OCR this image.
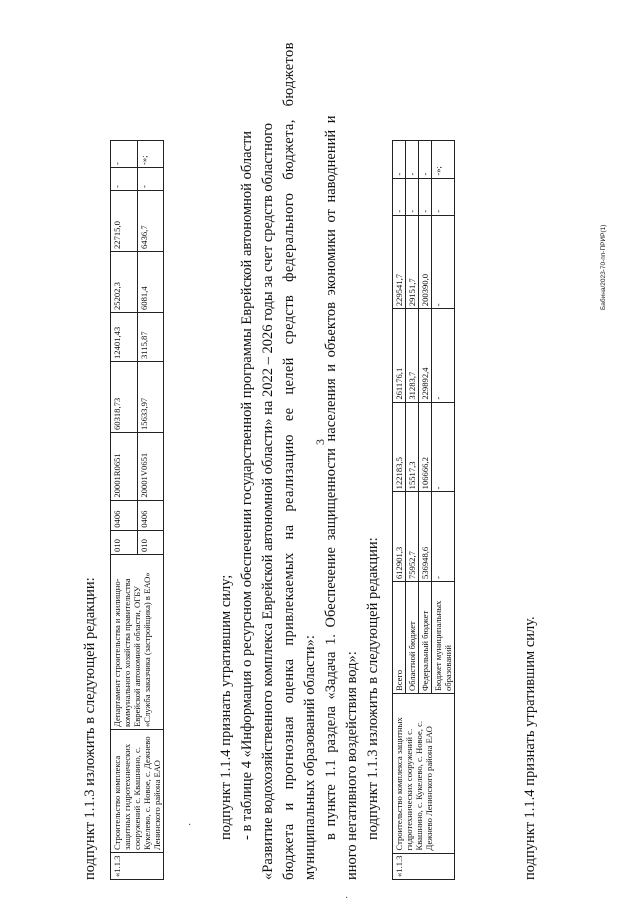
3
Бабина/2023-70-пп-ПРИР(1)
·
·
подпункт 1.1.3 изложить в следующей редакции:	«1.1.3	Строительство комплекса защитных гидротехнических сооружений с. Квашнино, с. Кукелево, с. Новое, с. Дежнево Ленинского района ЕАО	Департамент строительства и жилищно-коммунального хозяйства правительства Еврейской автономной области, ОГБУ «Служба заказчика (застройщика) в ЕАО»	010	0406	20001R0651	60318,73	12401,43	25202,3	22715,0	-	-
			010	0406	20001V0651	15633,97	3115,87	6081,4	6436,7	-	-»;
подпункт 1.1.4 признать утратившим силу; - в таблице 4 «Информация о ресурсном обеспечении государственной программы Еврейской автономной области «Развитие водохозяйственного комплекса Еврейской автономной области» на 2022 – 2026 годы за счет средств областного бюджета и прогнозная оценка привлекаемых на реализацию ее целей средств федерального бюджета, бюджетов муниципальных образований области»: в пункте 1.1 раздела «Задача 1. Обеспечение защищенности населения и объектов экономики от наводнений и иного негативного воздействия вод»: подпункт 1.1.3 изложить в следующей редакции:
«1.1.3	Строительство комплекса защитных гидротехнических сооружений с. Квашнино, с. Кукелево, с. Новое, с. Дежнево Ленинского района ЕАО	Всего	612901,3	122183,5	261176,1	229541,7	-	-
		Областной бюджет	75952,7	15517,3	31283,7	29151,7	-	-
		Федеральный бюджет	536948,6	106666,2	229892,4	200390,0	-	-
		Бюджет муниципальных образований	-	-	-	-	-	-»;
подпункт 1.1.4 признать утратившим силу.
